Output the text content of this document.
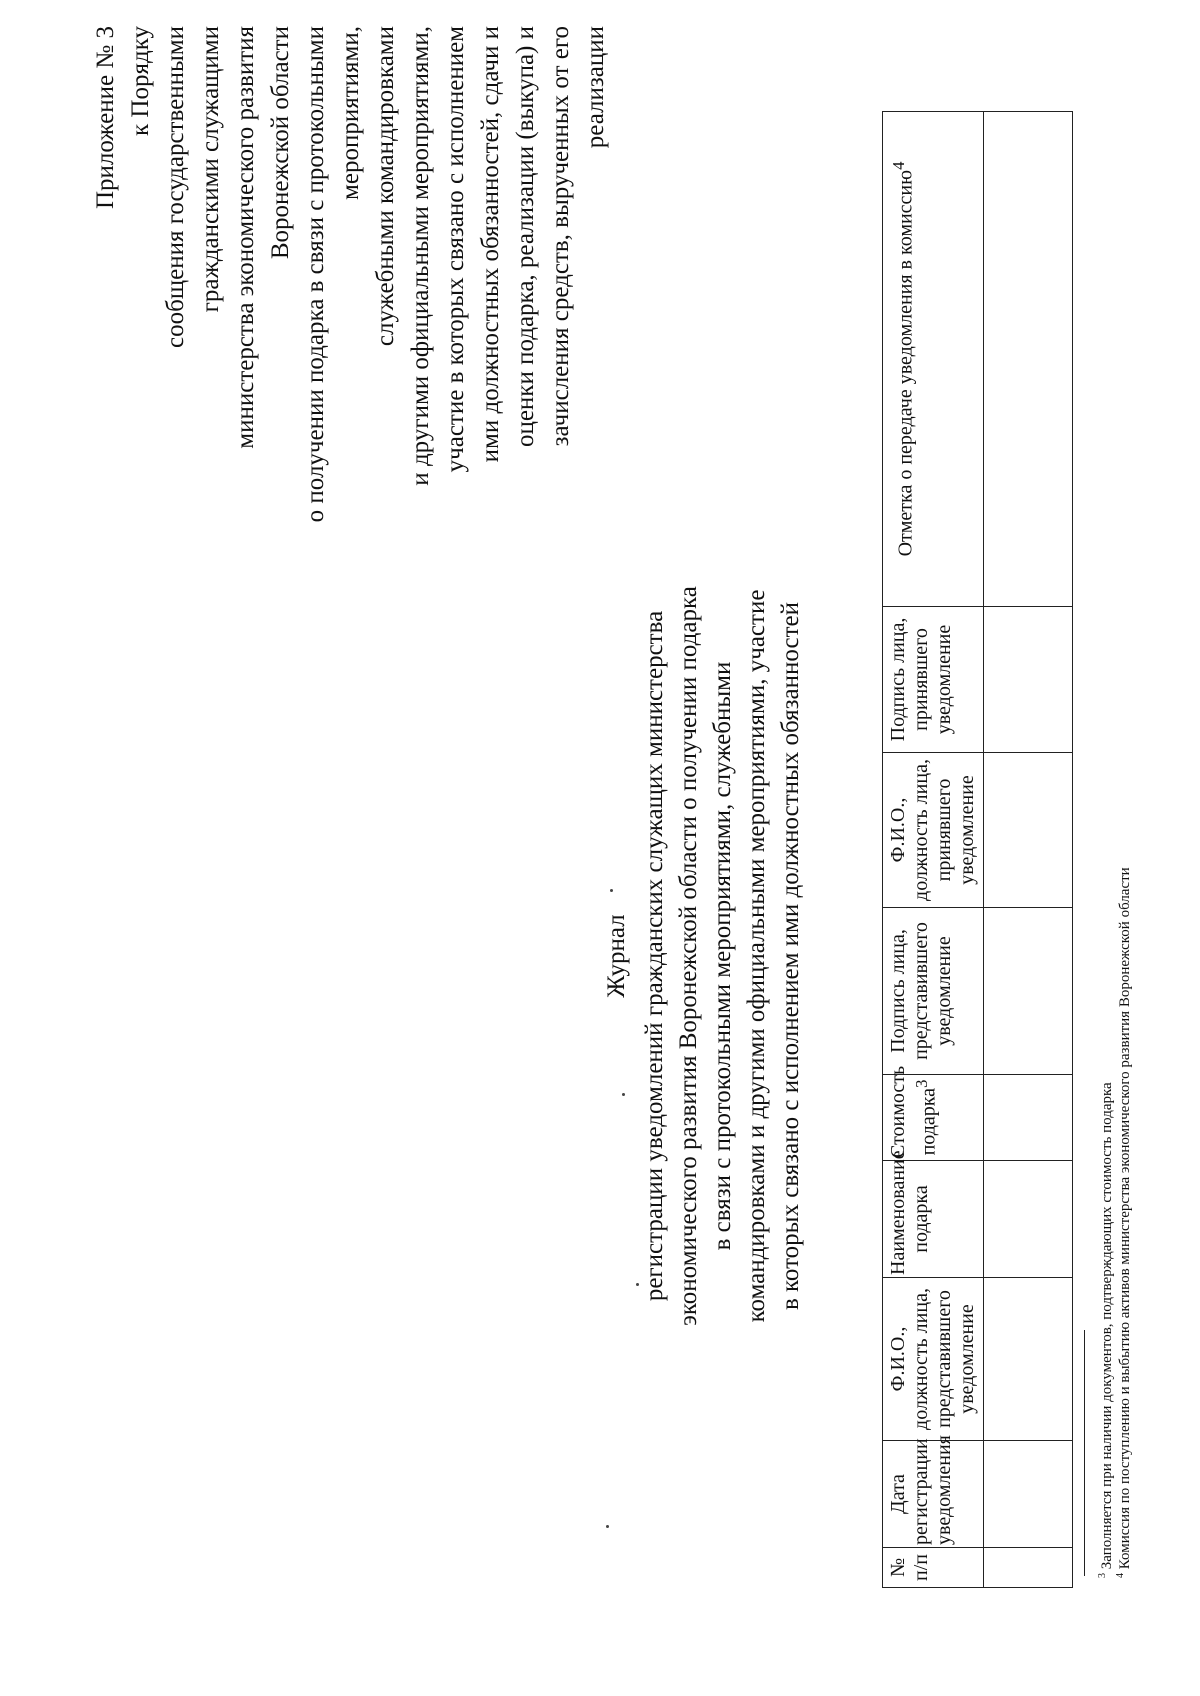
Приложение № 3 к Порядку сообщения государственными гражданскими служащими министерства экономического развития Воронежской области о получении подарка в связи с протокольными мероприятиями, служебными командировками и другими официальными мероприятиями, участие в которых связано с исполнением ими должностных обязанностей, сдачи и оценки подарка, реализации (выкупа) и зачисления средств, вырученных от его реализации
Журнал регистрации уведомлений гражданских служащих министерства экономического развития Воронежской области о получении подарка в связи с протокольными мероприятиями, служебными командировками и другими официальными мероприятиями, участие в которых связано с исполнением ими должностных обязанностей
№ п/п	Дата регистрации уведомления	Ф.И.О., должность лица, представившего уведомление	Наименование подарка	Стоимость подарка$^3$	Подпись лица, представившего уведомление	Ф.И.О., должность лица, принявшего уведомление	Подпись лица, принявшего уведомление	Отметка о передаче уведомления в комиссию$^4$

$^3$ Заполняется при наличии документов, подтверждающих стоимость подарка
$^4$ Комиссия по поступлению и выбытию активов министерства экономического развития Воронежской области
